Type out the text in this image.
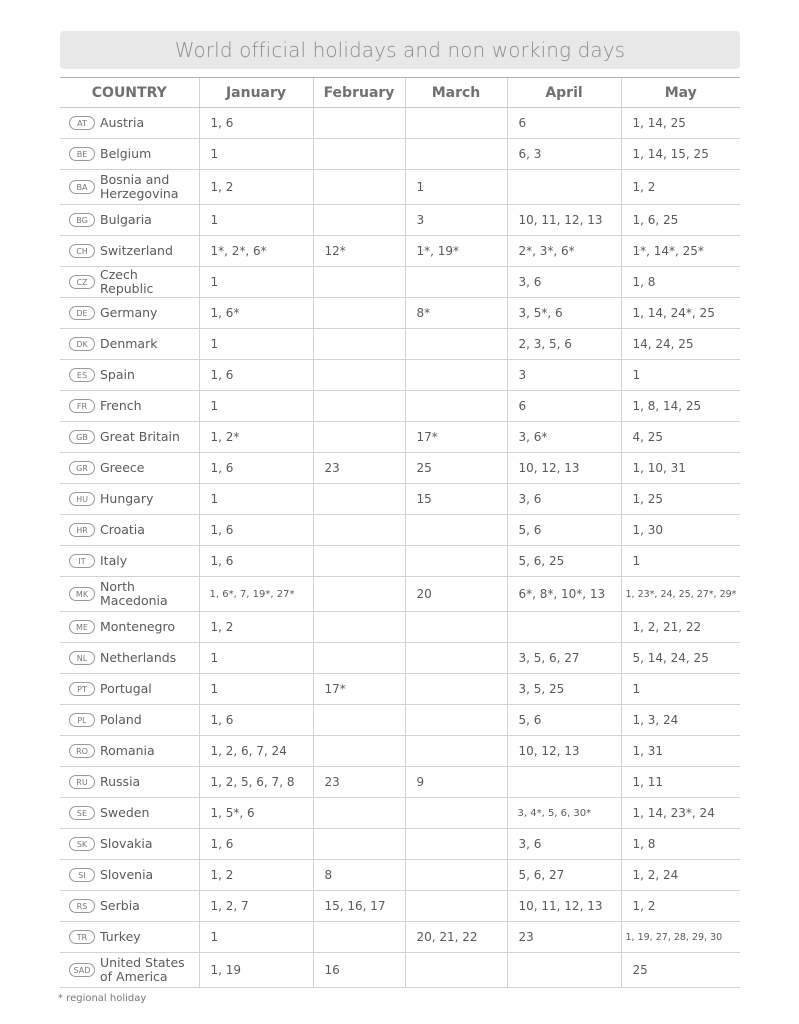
World official holidays and non working days
COUNTRY	January	February	March	April	May
AT Austria	1, 6			6	1, 14, 25
BE Belgium	1			6, 3	1, 14, 15, 25
BABosnia and Herzegovina	1, 2		1		1, 2
BG Bulgaria	1		3	10, 11, 12, 13	1, 6, 25
CH Switzerland	1*, 2*, 6*	12*	1*, 19*	2*, 3*, 6*	1*, 14*, 25*
CZCzech Republic	1			3, 6	1, 8
DE Germany	1, 6*		8*	3, 5*, 6	1, 14, 24*, 25
DK Denmark	1			2, 3, 5, 6	14, 24, 25
ES Spain	1, 6			3	1
FR French	1			6	1, 8, 14, 25
GB Great Britain	1, 2*		17*	3, 6*	4, 25
GR Greece	1, 6	23	25	10, 12, 13	1, 10, 31
HU Hungary	1		15	3, 6	1, 25
HR Croatia	1, 6			5, 6	1, 30
IT Italy	1, 6			5, 6, 25	1
MKNorth Macedonia	1, 6*, 7, 19*, 27*		20	6*, 8*, 10*, 13	1, 23*, 24, 25, 27*, 29*
ME Montenegro	1, 2				1, 2, 21, 22
NL Netherlands	1			3, 5, 6, 27	5, 14, 24, 25
PT Portugal	1	17*		3, 5, 25	1
PL Poland	1, 6			5, 6	1, 3, 24
RO Romania	1, 2, 6, 7, 24			10, 12, 13	1, 31
RU Russia	1, 2, 5, 6, 7, 8	23	9		1, 11
SE Sweden	1, 5*, 6			3, 4*, 5, 6, 30*	1, 14, 23*, 24
SK Slovakia	1, 6			3, 6	1, 8
SI Slovenia	1, 2	8		5, 6, 27	1, 2, 24
RS Serbia	1, 2, 7	15, 16, 17		10, 11, 12, 13	1, 2
TR Turkey	1		20, 21, 22	23	1, 19, 27, 28, 29, 30
SADUnited States of America	1, 19	16			25
* regional holiday
